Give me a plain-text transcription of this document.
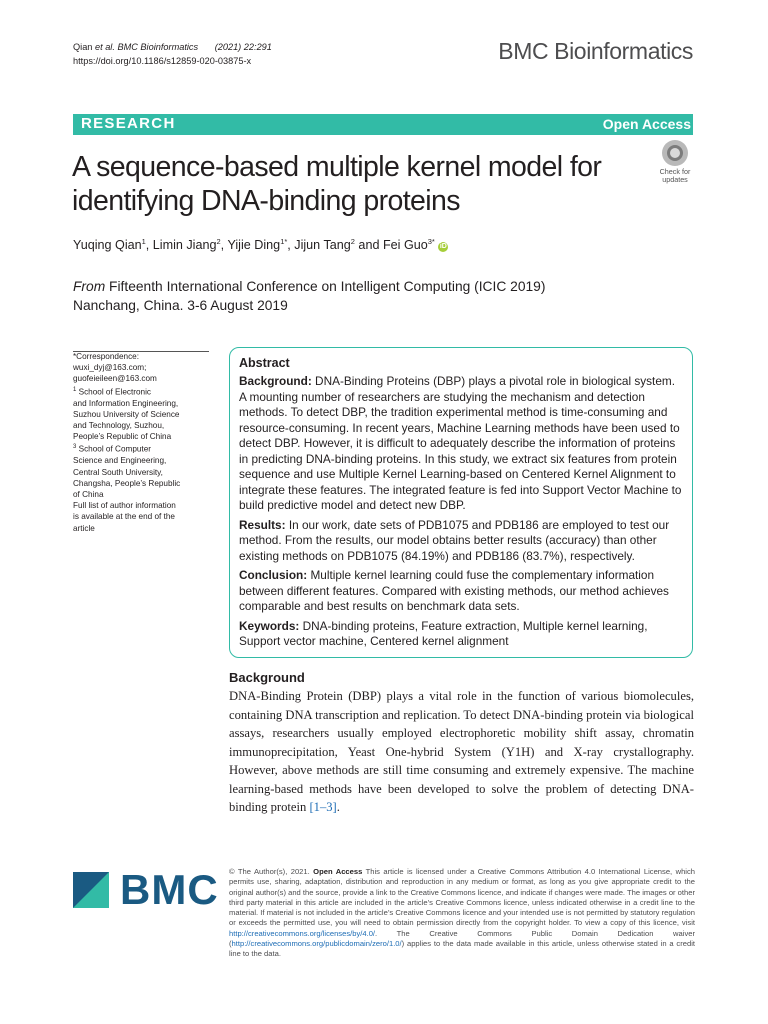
Qian et al. BMC Bioinformatics (2021) 22:291
https://doi.org/10.1186/s12859-020-03875-x	BMC Bioinformatics
RESEARCH	Open Access
A sequence-based multiple kernel model for identifying DNA-binding proteins
Check for
updates
Yuqing Qian$^1$, Limin Jiang$^2$, Yijie Ding$^{1*}$, Jijun Tang$^2$ and Fei Guo$^{3*}$ iD
From Fifteenth International Conference on Intelligent Computing (ICIC 2019)
Nanchang, China. 3-6 August 2019
*Correspondence:
wuxi_dyj@163.com;
guofeieileen@163.com
$^1$ School of Electronic
and Information Engineering,
Suzhou University of Science
and Technology, Suzhou,
People’s Republic of China
$^3$ School of Computer
Science and Engineering,
Central South University,
Changsha, People’s Republic
of China
Full list of author information
is available at the end of the
article
Abstract

Background: DNA-Binding Proteins (DBP) plays a pivotal role in biological system. A mounting number of researchers are studying the mechanism and detection methods. To detect DBP, the tradition experimental method is time-consuming and resource-consuming. In recent years, Machine Learning methods have been used to detect DBP. However, it is difficult to adequately describe the information of proteins in predicting DNA-binding proteins. In this study, we extract six features from protein sequence and use Multiple Kernel Learning-based on Centered Kernel Alignment to integrate these features. The integrated feature is fed into Support Vector Machine to build predictive model and detect new DBP.

Results: In our work, date sets of PDB1075 and PDB186 are employed to test our method. From the results, our model obtains better results (accuracy) than other existing methods on PDB1075 (84.19%) and PDB186 (83.7%), respectively.

Conclusion: Multiple kernel learning could fuse the complementary information between different features. Compared with existing methods, our method achieves comparable and best results on benchmark data sets.

Keywords: DNA-binding proteins, Feature extraction, Multiple kernel learning, Support vector machine, Centered kernel alignment

Background
DNA-Binding Protein (DBP) plays a vital role in the function of various biomolecules, containing DNA transcription and replication. To detect DNA-binding protein via biological assays, researchers usually employed electrophoretic mobility shift assay, chromatin immunoprecipitation, Yeast One-hybrid System (Y1H) and X-ray crystallography. However, above methods are still time consuming and extremely expensive. The machine learning-based methods have been developed to solve the problem of detecting DNA-binding protein [1–3].
BMC © The Author(s), 2021. Open Access This article is licensed under a Creative Commons Attribution 4.0 International License, which permits use, sharing, adaptation, distribution and reproduction in any medium or format, as long as you give appropriate credit to the original author(s) and the source, provide a link to the Creative Commons licence, and indicate if changes were made. The images or other third party material in this article are included in the article’s Creative Commons licence, unless indicated otherwise in a credit line to the material. If material is not included in the article’s Creative Commons licence and your intended use is not permitted by statutory regulation or exceeds the permitted use, you will need to obtain permission directly from the copyright holder. To view a copy of this licence, visit http://creativecommons.org/licenses/by/4.0/. The Creative Commons Public Domain Dedication waiver (http://creativecommons.org/publicdomain/zero/1.0/) applies to the data made available in this article, unless otherwise stated in a credit line to the data.
